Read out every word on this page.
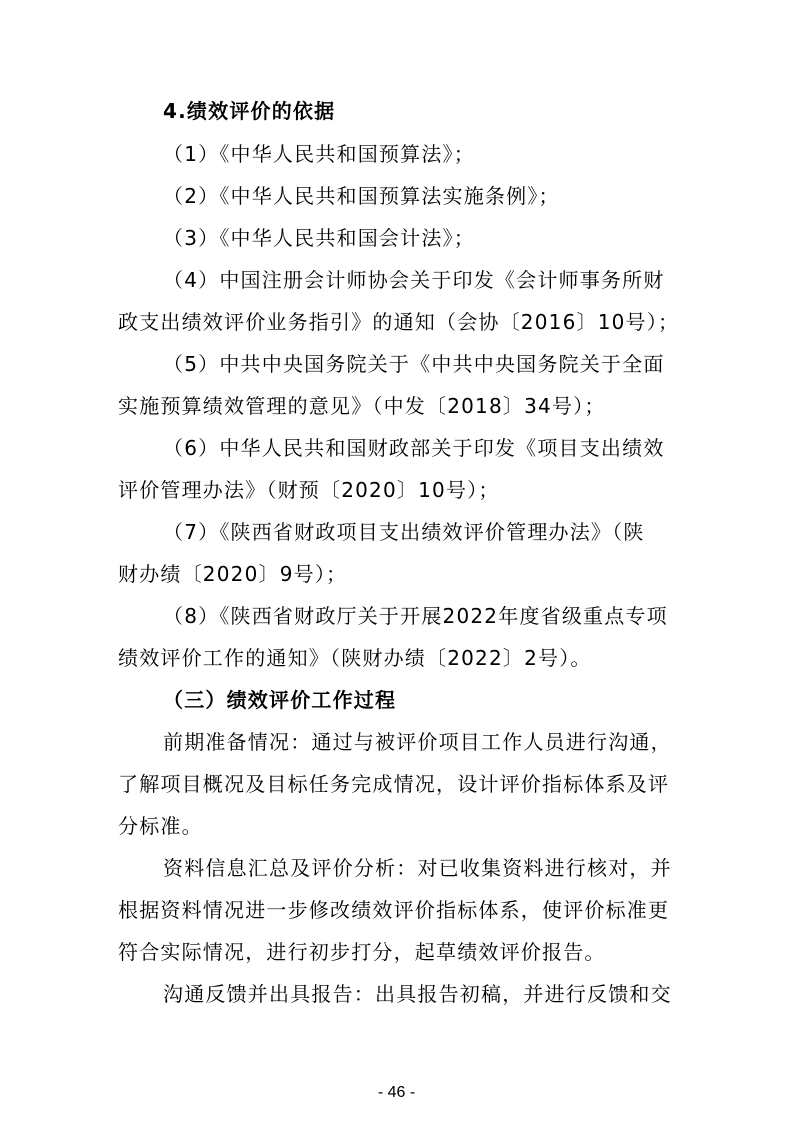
4.绩效评价的依据
（1）《中华人民共和国预算法》；
（2）《中华人民共和国预算法实施条例》；
（3）《中华人民共和国会计法》；
（4）中国注册会计师协会关于印发《会计师事务所财
政支出绩效评价业务指引》的通知（会协〔2016〕10号）；
（5）中共中央国务院关于《中共中央国务院关于全面
实施预算绩效管理的意见》（中发〔2018〕34号）；
（6）中华人民共和国财政部关于印发《项目支出绩效
评价管理办法》（财预〔2020〕10号）；
（7）《陕西省财政项目支出绩效评价管理办法》（陕
财办绩〔2020〕9号）；
（8）《陕西省财政厅关于开展2022年度省级重点专项
绩效评价工作的通知》（陕财办绩〔2022〕2号）。
（三）绩效评价工作过程
前期准备情况：通过与被评价项目工作人员进行沟通，
了解项目概况及目标任务完成情况，设计评价指标体系及评
分标准。
资料信息汇总及评价分析：对已收集资料进行核对，并
根据资料情况进一步修改绩效评价指标体系，使评价标准更
符合实际情况，进行初步打分，起草绩效评价报告。
沟通反馈并出具报告：出具报告初稿，并进行反馈和交
- 46 -
